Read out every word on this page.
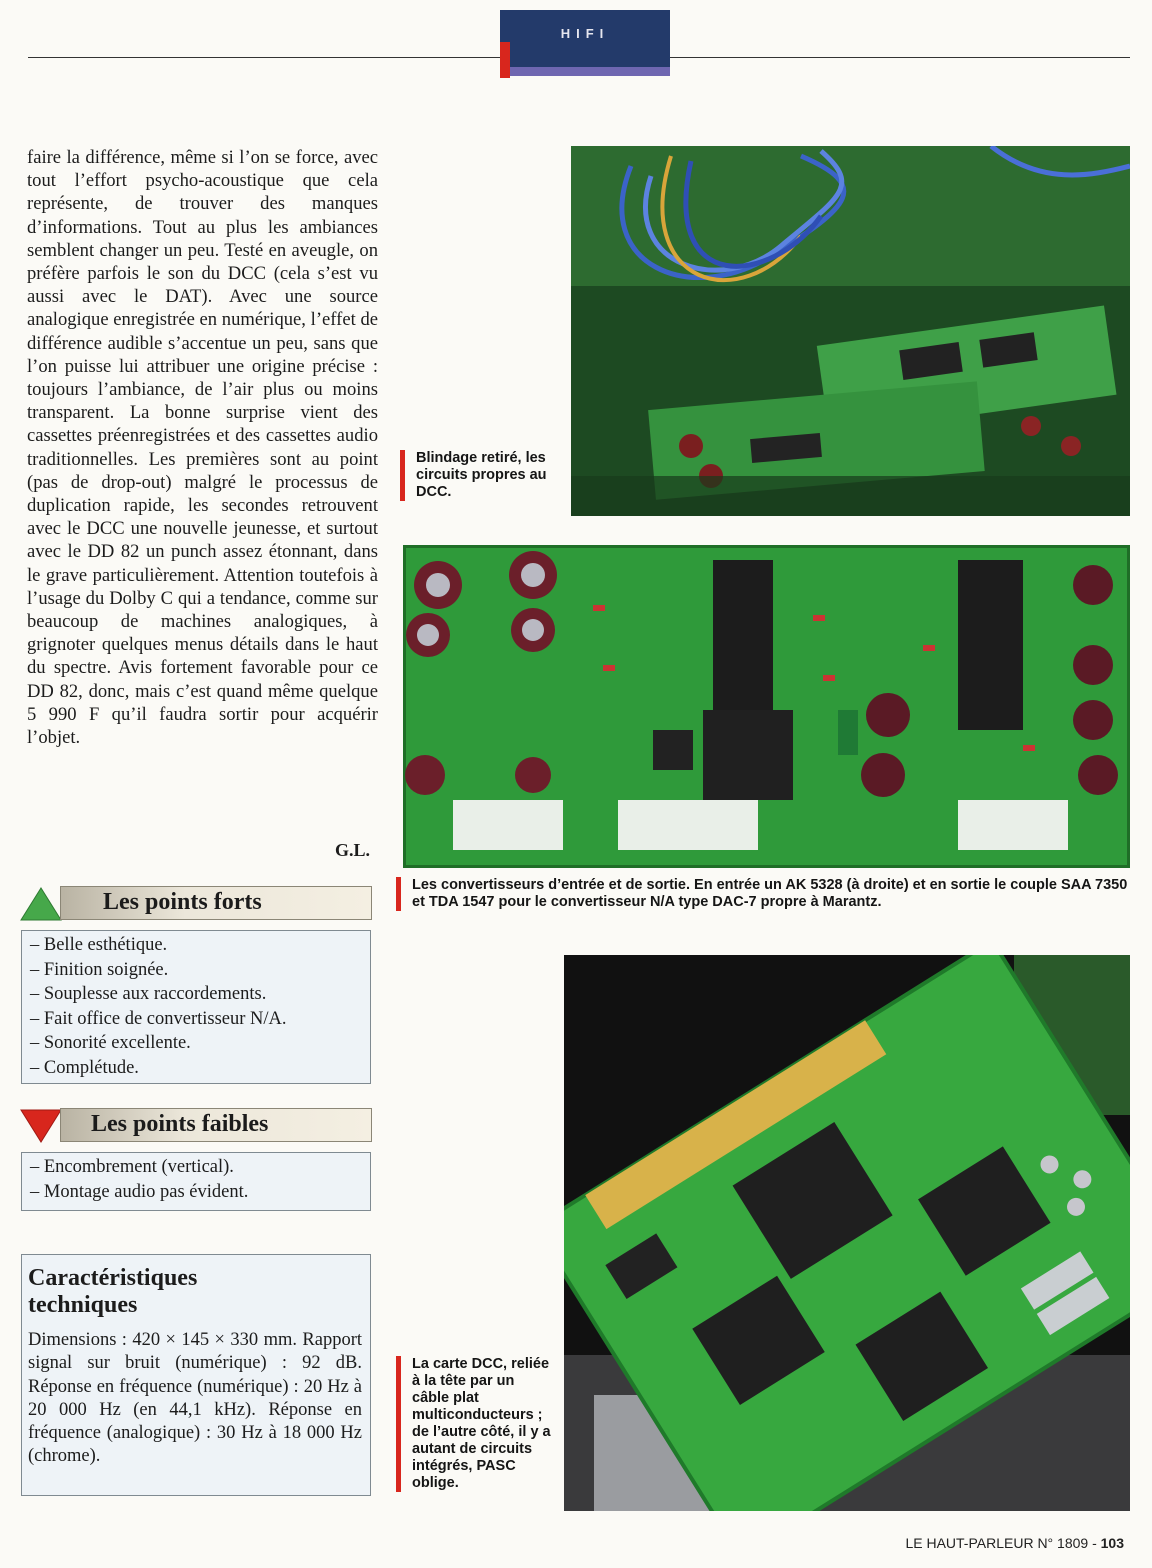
HIFI
faire la différence, même si l’on se force, avec tout l’effort psycho-acoustique que cela représente, de trouver des manques d’informations. Tout au plus les ambiances semblent changer un peu. Testé en aveugle, on préfère parfois le son du DCC (cela s’est vu aussi avec le DAT). Avec une source analogique enregistrée en numérique, l’effet de différence audible s’accentue un peu, sans que l’on puisse lui attribuer une origine précise : toujours l’ambiance, de l’air plus ou moins transparent. La bonne surprise vient des cassettes préenregistrées et des cassettes audio traditionnelles. Les premières sont au point (pas de drop-out) malgré le processus de duplication rapide, les secondes retrouvent avec le DCC une nouvelle jeunesse, et surtout avec le DD 82 un punch assez étonnant, dans le grave particulièrement. Attention toutefois à l’usage du Dolby C qui a tendance, comme sur beaucoup de machines analogiques, à grignoter quelques menus détails dans le haut du spectre. Avis fortement favorable pour ce DD 82, donc, mais c’est quand même quelque 5 990 F qu’il faudra sortir pour acquérir l’objet.
G.L.
Les points forts
– Belle esthétique.
– Finition soignée.
– Souplesse aux raccordements.
– Fait office de convertisseur N/A.
– Sonorité excellente.
– Complétude.
Les points faibles
– Encombrement (vertical).
– Montage audio pas évident.
Caractéristiques
techniques
Dimensions : 420 × 145 × 330 mm. Rapport signal sur bruit (numérique) : 92 dB. Réponse en fréquence (numérique) : 20 Hz à 20 000 Hz (en 44,1 kHz). Réponse en fréquence (analogique) : 30 Hz à 18 000 Hz (chrome).
Blindage retiré, les circuits propres au DCC.
Les convertisseurs d’entrée et de sortie. En entrée un AK 5328 (à droite) et en sortie le couple SAA 7350 et TDA 1547 pour le convertisseur N/A type DAC-7 propre à Marantz.
La carte DCC, reliée à la tête par un câble plat multiconducteurs ; de l’autre côté, il y a autant de circuits intégrés, PASC oblige.
LE HAUT-PARLEUR N° 1809 - 103
